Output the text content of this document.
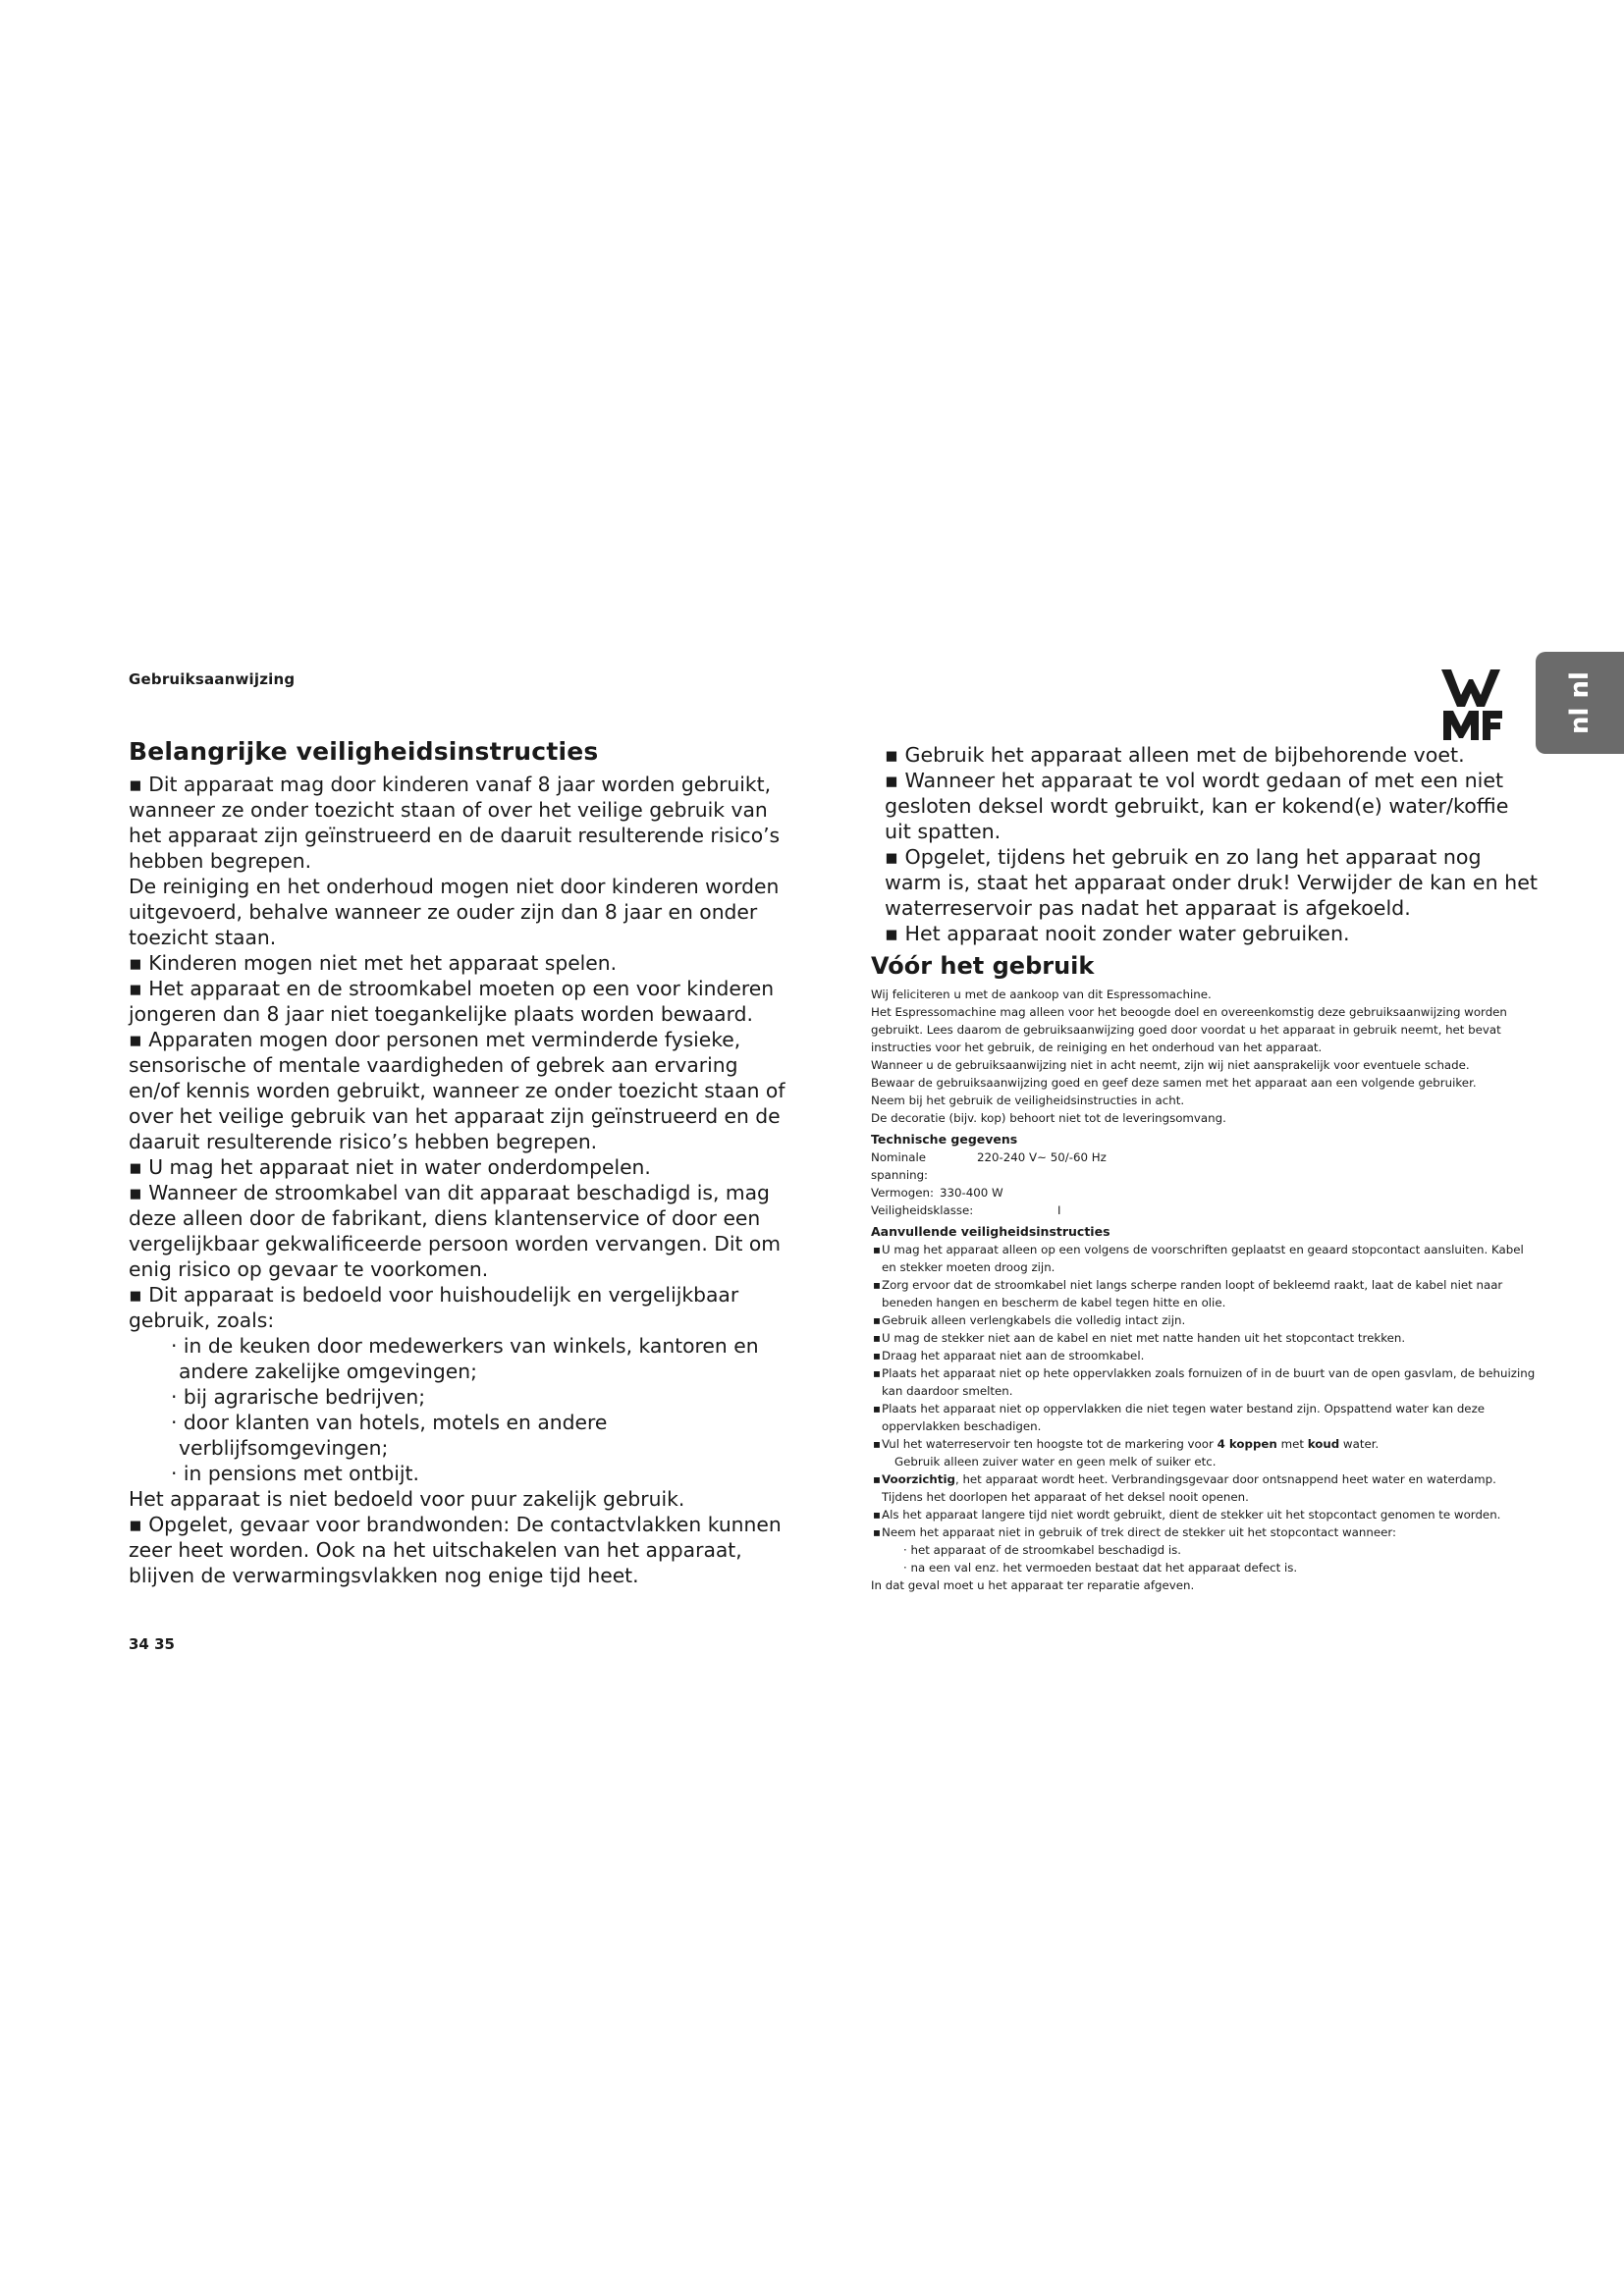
Gebruiksaanwijzing	nl nl
Belangrijke veiligheidsinstructies

▪ Dit apparaat mag door kinderen vanaf 8 jaar worden gebruikt, wanneer ze onder toezicht staan of over het veilige gebruik van het apparaat zijn geïnstrueerd en de daaruit resulterende risico’s hebben begrepen.

De reiniging en het onderhoud mogen niet door kinderen worden uitgevoerd, behalve wanneer ze ouder zijn dan 8 jaar en onder toezicht staan.

▪ Kinderen mogen niet met het apparaat spelen.

▪ Het apparaat en de stroomkabel moeten op een voor kinderen jongeren dan 8 jaar niet toegankelijke plaats worden bewaard.

▪ Apparaten mogen door personen met verminderde fysieke, sensorische of mentale vaardigheden of gebrek aan ervaring en/of kennis worden gebruikt, wanneer ze onder toezicht staan of over het veilige gebruik van het apparaat zijn geïnstrueerd en de daaruit resulterende risico’s hebben begrepen.

▪ U mag het apparaat niet in water onderdompelen.

▪ Wanneer de stroomkabel van dit apparaat beschadigd is, mag deze alleen door de fabrikant, diens klantenservice of door een vergelijkbaar gekwalificeerde persoon worden vervangen. Dit om enig risico op gevaar te voorkomen.

▪ Dit apparaat is bedoeld voor huishoudelijk en vergelijkbaar gebruik, zoals:

· in de keuken door medewerkers van winkels, kantoren en andere zakelijke omgevingen;

· bij agrarische bedrijven;

· door klanten van hotels, motels en andere verblijfsomgevingen;

· in pensions met ontbijt.

Het apparaat is niet bedoeld voor puur zakelijk gebruik.

▪ Opgelet, gevaar voor brandwonden: De contactvlakken kunnen zeer heet worden. Ook na het uitschakelen van het apparaat, blijven de verwarmingsvlakken nog enige tijd heet.

▪ Gebruik het apparaat alleen met de bijbehorende voet.

▪ Wanneer het apparaat te vol wordt gedaan of met een niet gesloten deksel wordt gebruikt, kan er kokend(e) water/koffie uit spatten.

▪ Opgelet, tijdens het gebruik en zo lang het apparaat nog warm is, staat het apparaat onder druk! Verwijder de kan en het waterreservoir pas nadat het apparaat is afgekoeld.

▪ Het apparaat nooit zonder water gebruiken.

Vóór het gebruik

Wij feliciteren u met de aankoop van dit Espressomachine.

Het Espressomachine mag alleen voor het beoogde doel en overeenkomstig deze gebruiksaanwijzing worden gebruikt. Lees daarom de gebruiksaanwijzing goed door voordat u het apparaat in gebruik neemt, het bevat instructies voor het gebruik, de reiniging en het onderhoud van het apparaat.

Wanneer u de gebruiksaanwijzing niet in acht neemt, zijn wij niet aansprakelijk voor eventuele schade.

Bewaar de gebruiksaanwijzing goed en geef deze samen met het apparaat aan een volgende gebruiker.

Neem bij het gebruik de veiligheidsinstructies in acht.

De decoratie (bijv. kop) behoort niet tot de leveringsomvang.

Technische gegevens

Nominale spanning:
220-240 V~ 50/-60 Hz

Vermogen: 330-400 W

Veiligheidsklasse:	I

Aanvullende veiligheidsinstructies

▪U mag het apparaat alleen op een volgens de voorschriften geplaatst en geaard stopcontact aansluiten. Kabel en stekker moeten droog zijn.

▪Zorg ervoor dat de stroomkabel niet langs scherpe randen loopt of bekleemd raakt, laat de kabel niet naar beneden hangen en bescherm de kabel tegen hitte en olie.

▪Gebruik alleen verlengkabels die volledig intact zijn.

▪U mag de stekker niet aan de kabel en niet met natte handen uit het stopcontact trekken.

▪Draag het apparaat niet aan de stroomkabel.

▪Plaats het apparaat niet op hete oppervlakken zoals fornuizen of in de buurt van de open gasvlam, de behuizing kan daardoor smelten.

▪Plaats het apparaat niet op oppervlakken die niet tegen water bestand zijn. Opspattend water kan deze oppervlakken beschadigen.

▪Vul het waterreservoir ten hoogste tot de markering voor 4 koppen met koud water.
Gebruik alleen zuiver water en geen melk of suiker etc.

▪Voorzichtig, het apparaat wordt heet. Verbrandingsgevaar door ontsnappend heet water en waterdamp. Tijdens het doorlopen het apparaat of het deksel nooit openen.

▪Als het apparaat langere tijd niet wordt gebruikt, dient de stekker uit het stopcontact genomen te worden.

▪Neem het apparaat niet in gebruik of trek direct de stekker uit het stopcontact wanneer:

· het apparaat of de stroomkabel beschadigd is.

· na een val enz. het vermoeden bestaat dat het apparaat defect is.

In dat geval moet u het apparaat ter reparatie afgeven.

34 35
